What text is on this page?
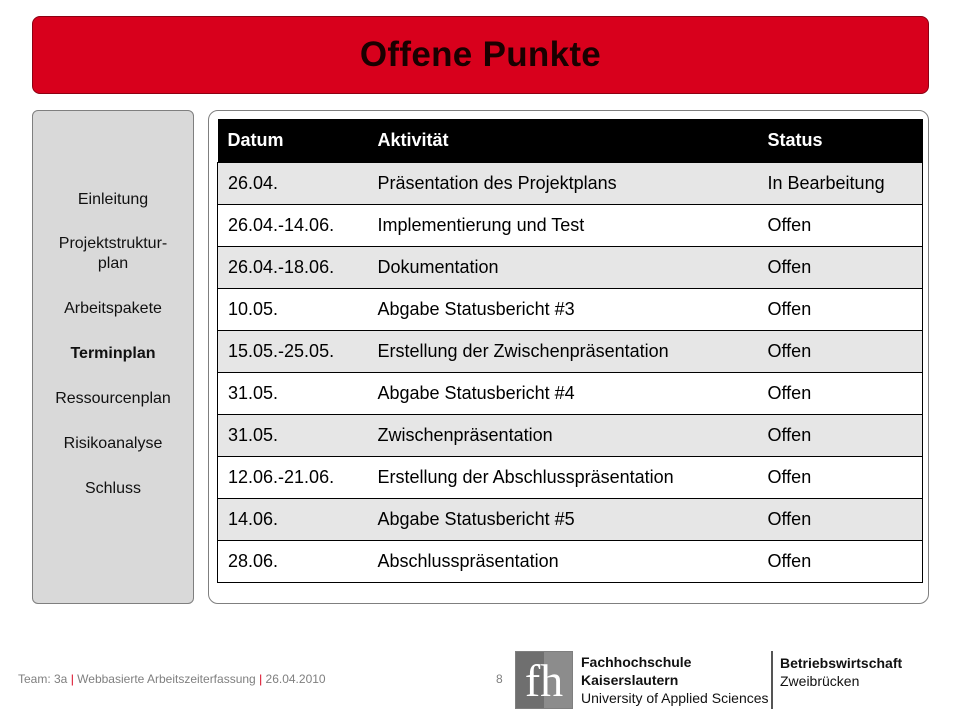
Offene Punkte
Einleitung
Projektstruktur-
plan
Arbeitspakete
Terminplan
Ressourcenplan
Risikoanalyse
Schluss
Datum	Aktivität	Status
26.04.	Präsentation des Projektplans	In Bearbeitung
26.04.-14.06.	Implementierung und Test	Offen
26.04.-18.06.	Dokumentation	Offen
10.05.	Abgabe Statusbericht #3	Offen
15.05.-25.05.	Erstellung der Zwischenpräsentation	Offen
31.05.	Abgabe Statusbericht #4	Offen
31.05.	Zwischenpräsentation	Offen
12.06.-21.06.	Erstellung der Abschlusspräsentation	Offen
14.06.	Abgabe Statusbericht #5	Offen
28.06.	Abschlusspräsentation	Offen
Team: 3a | Webbasierte Arbeitszeiterfassung | 26.04.2010	8 fh Fachhochschule
Kaiserslautern
University of Applied Sciences
Betriebswirtschaft
Zweibrücken
